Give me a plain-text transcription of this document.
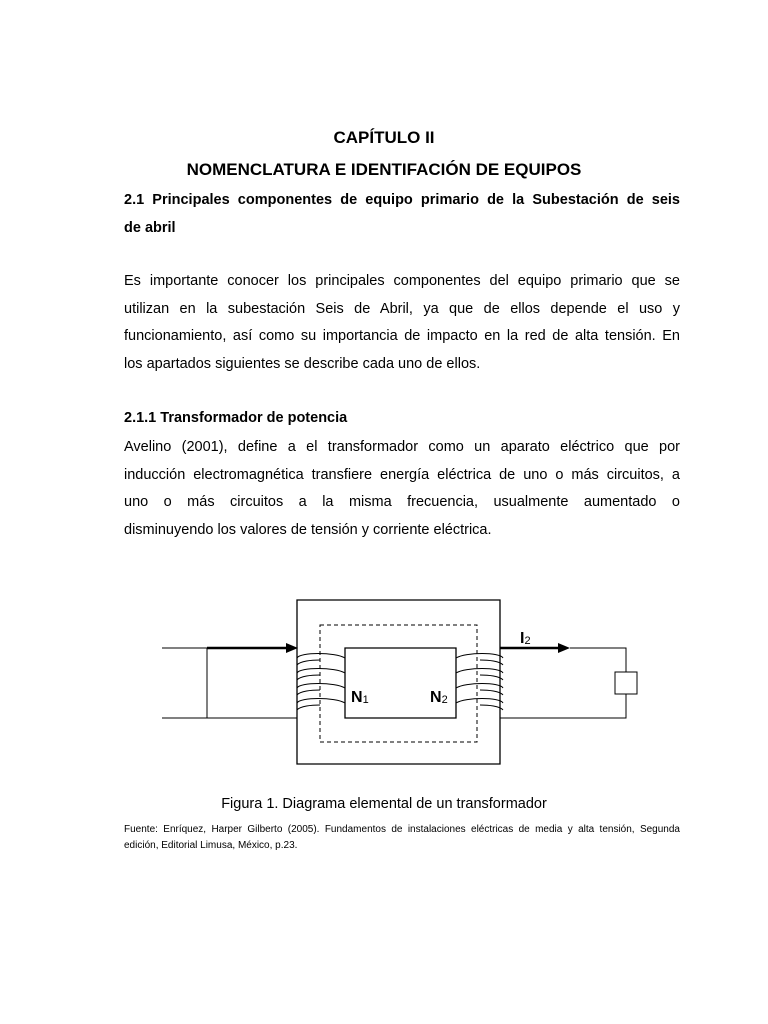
CAPÍTULO II
NOMENCLATURA E IDENTIFACIÓN DE EQUIPOS
2.1 Principales componentes de equipo primario de la Subestación de seis
de abril
Es importante conocer los principales componentes del equipo primario que se
utilizan en la subestación Seis de Abril, ya que de ellos depende el uso y
funcionamiento, así como su importancia de impacto en la red de alta tensión. En
los apartados siguientes se describe cada uno de ellos.
2.1.1 Transformador de potencia
Avelino (2001), define a el transformador como un aparato eléctrico que por
inducción electromagnética transfiere energía eléctrica de uno o más circuitos, a
uno o más circuitos a la misma frecuencia, usualmente aumentado o
disminuyendo los valores de tensión y corriente eléctrica.
I2
N1	N2
Figura 1. Diagrama elemental de un transformador
Fuente: Enríquez, Harper Gilberto (2005). Fundamentos de instalaciones eléctricas de media y alta tensión, Segunda
edición, Editorial Limusa, México, p.23.
